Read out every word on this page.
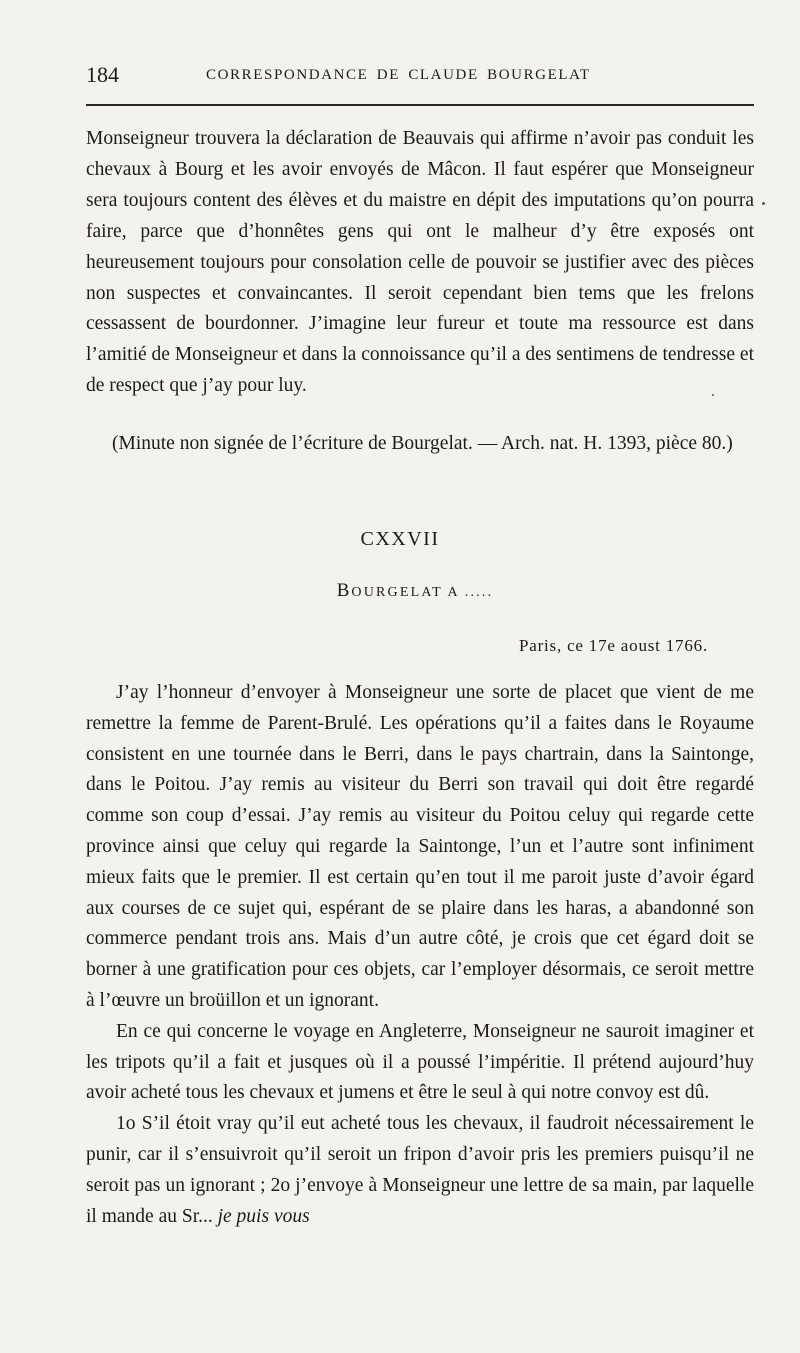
184	CORRESPONDANCE DE CLAUDE BOURGELAT

Monseigneur trouvera la déclaration de Beauvais qui affirme n’avoir pas conduit les chevaux à Bourg et les avoir envoyés de Mâcon. Il faut espérer que Monseigneur sera toujours content des élèves et du maistre en dépit des imputations qu’on pourra faire, parce que d’honnêtes gens qui ont le malheur d’y être exposés ont heureusement toujours pour consolation celle de pouvoir se justifier avec des pièces non suspectes et convaincantes. Il seroit cependant bien tems que les frelons cessassent de bourdonner. J’imagine leur fureur et toute ma ressource est dans l’amitié de Monseigneur et dans la connoissance qu’il a des sentimens de tendresse et de respect que j’ay pour luy.

(Minute non signée de l’écriture de Bourgelat. — Arch. nat. H. 1393, pièce 80.)

CXXVII
BOURGELAT A .....
Paris, ce 17e aoust 1766.

J’ay l’honneur d’envoyer à Monseigneur une sorte de placet que vient de me remettre la femme de Parent-Brulé. Les opérations qu’il a faites dans le Royaume consistent en une tournée dans le Berri, dans le pays chartrain, dans la Saintonge, dans le Poitou. J’ay remis au visiteur du Berri son travail qui doit être regardé comme son coup d’essai. J’ay remis au visiteur du Poitou celuy qui regarde cette province ainsi que celuy qui regarde la Saintonge, l’un et l’autre sont infiniment mieux faits que le premier. Il est certain qu’en tout il me paroit juste d’avoir égard aux courses de ce sujet qui, espérant de se plaire dans les haras, a abandonné son commerce pendant trois ans. Mais d’un autre côté, je crois que cet égard doit se borner à une gratification pour ces objets, car l’employer désormais, ce seroit mettre à l’œuvre un broüillon et un ignorant.

En ce qui concerne le voyage en Angleterre, Monseigneur ne sauroit imaginer et les tripots qu’il a fait et jusques où il a poussé l’impéritie. Il prétend aujourd’huy avoir acheté tous les chevaux et jumens et être le seul à qui notre convoy est dû.

1o S’il étoit vray qu’il eut acheté tous les chevaux, il faudroit nécessairement le punir, car il s’ensuivroit qu’il seroit un fripon d’avoir pris les premiers puisqu’il ne seroit pas un ignorant ; 2o j’envoye à Monseigneur une lettre de sa main, par laquelle il mande au Sr... je puis vous
